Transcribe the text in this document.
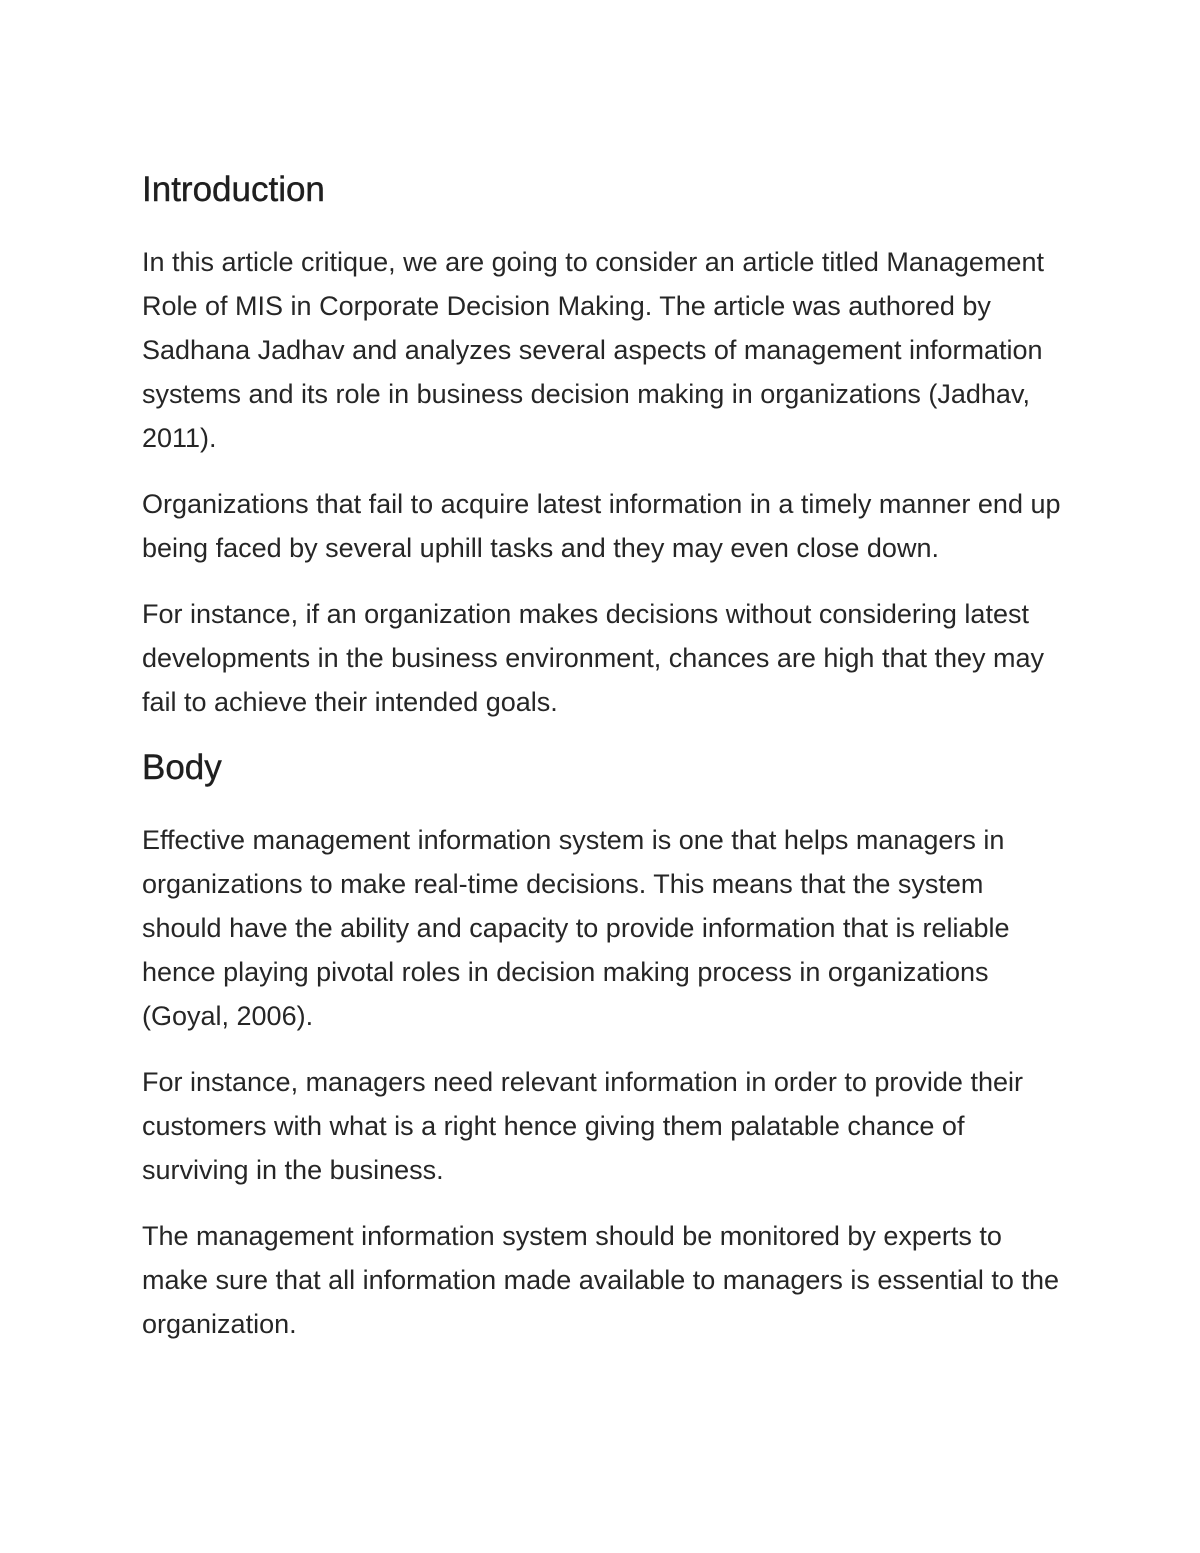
Introduction

In this article critique, we are going to consider an article titled Management Role of MIS in Corporate Decision Making. The article was authored by Sadhana Jadhav and analyzes several aspects of management information systems and its role in business decision making in organizations (Jadhav, 2011).

Organizations that fail to acquire latest information in a timely manner end up being faced by several uphill tasks and they may even close down.

For instance, if an organization makes decisions without considering latest developments in the business environment, chances are high that they may fail to achieve their intended goals.

Body

Effective management information system is one that helps managers in organizations to make real-time decisions. This means that the system should have the ability and capacity to provide information that is reliable hence playing pivotal roles in decision making process in organizations (Goyal, 2006).

For instance, managers need relevant information in order to provide their customers with what is a right hence giving them palatable chance of surviving in the business.

The management information system should be monitored by experts to make sure that all information made available to managers is essential to the organization.
